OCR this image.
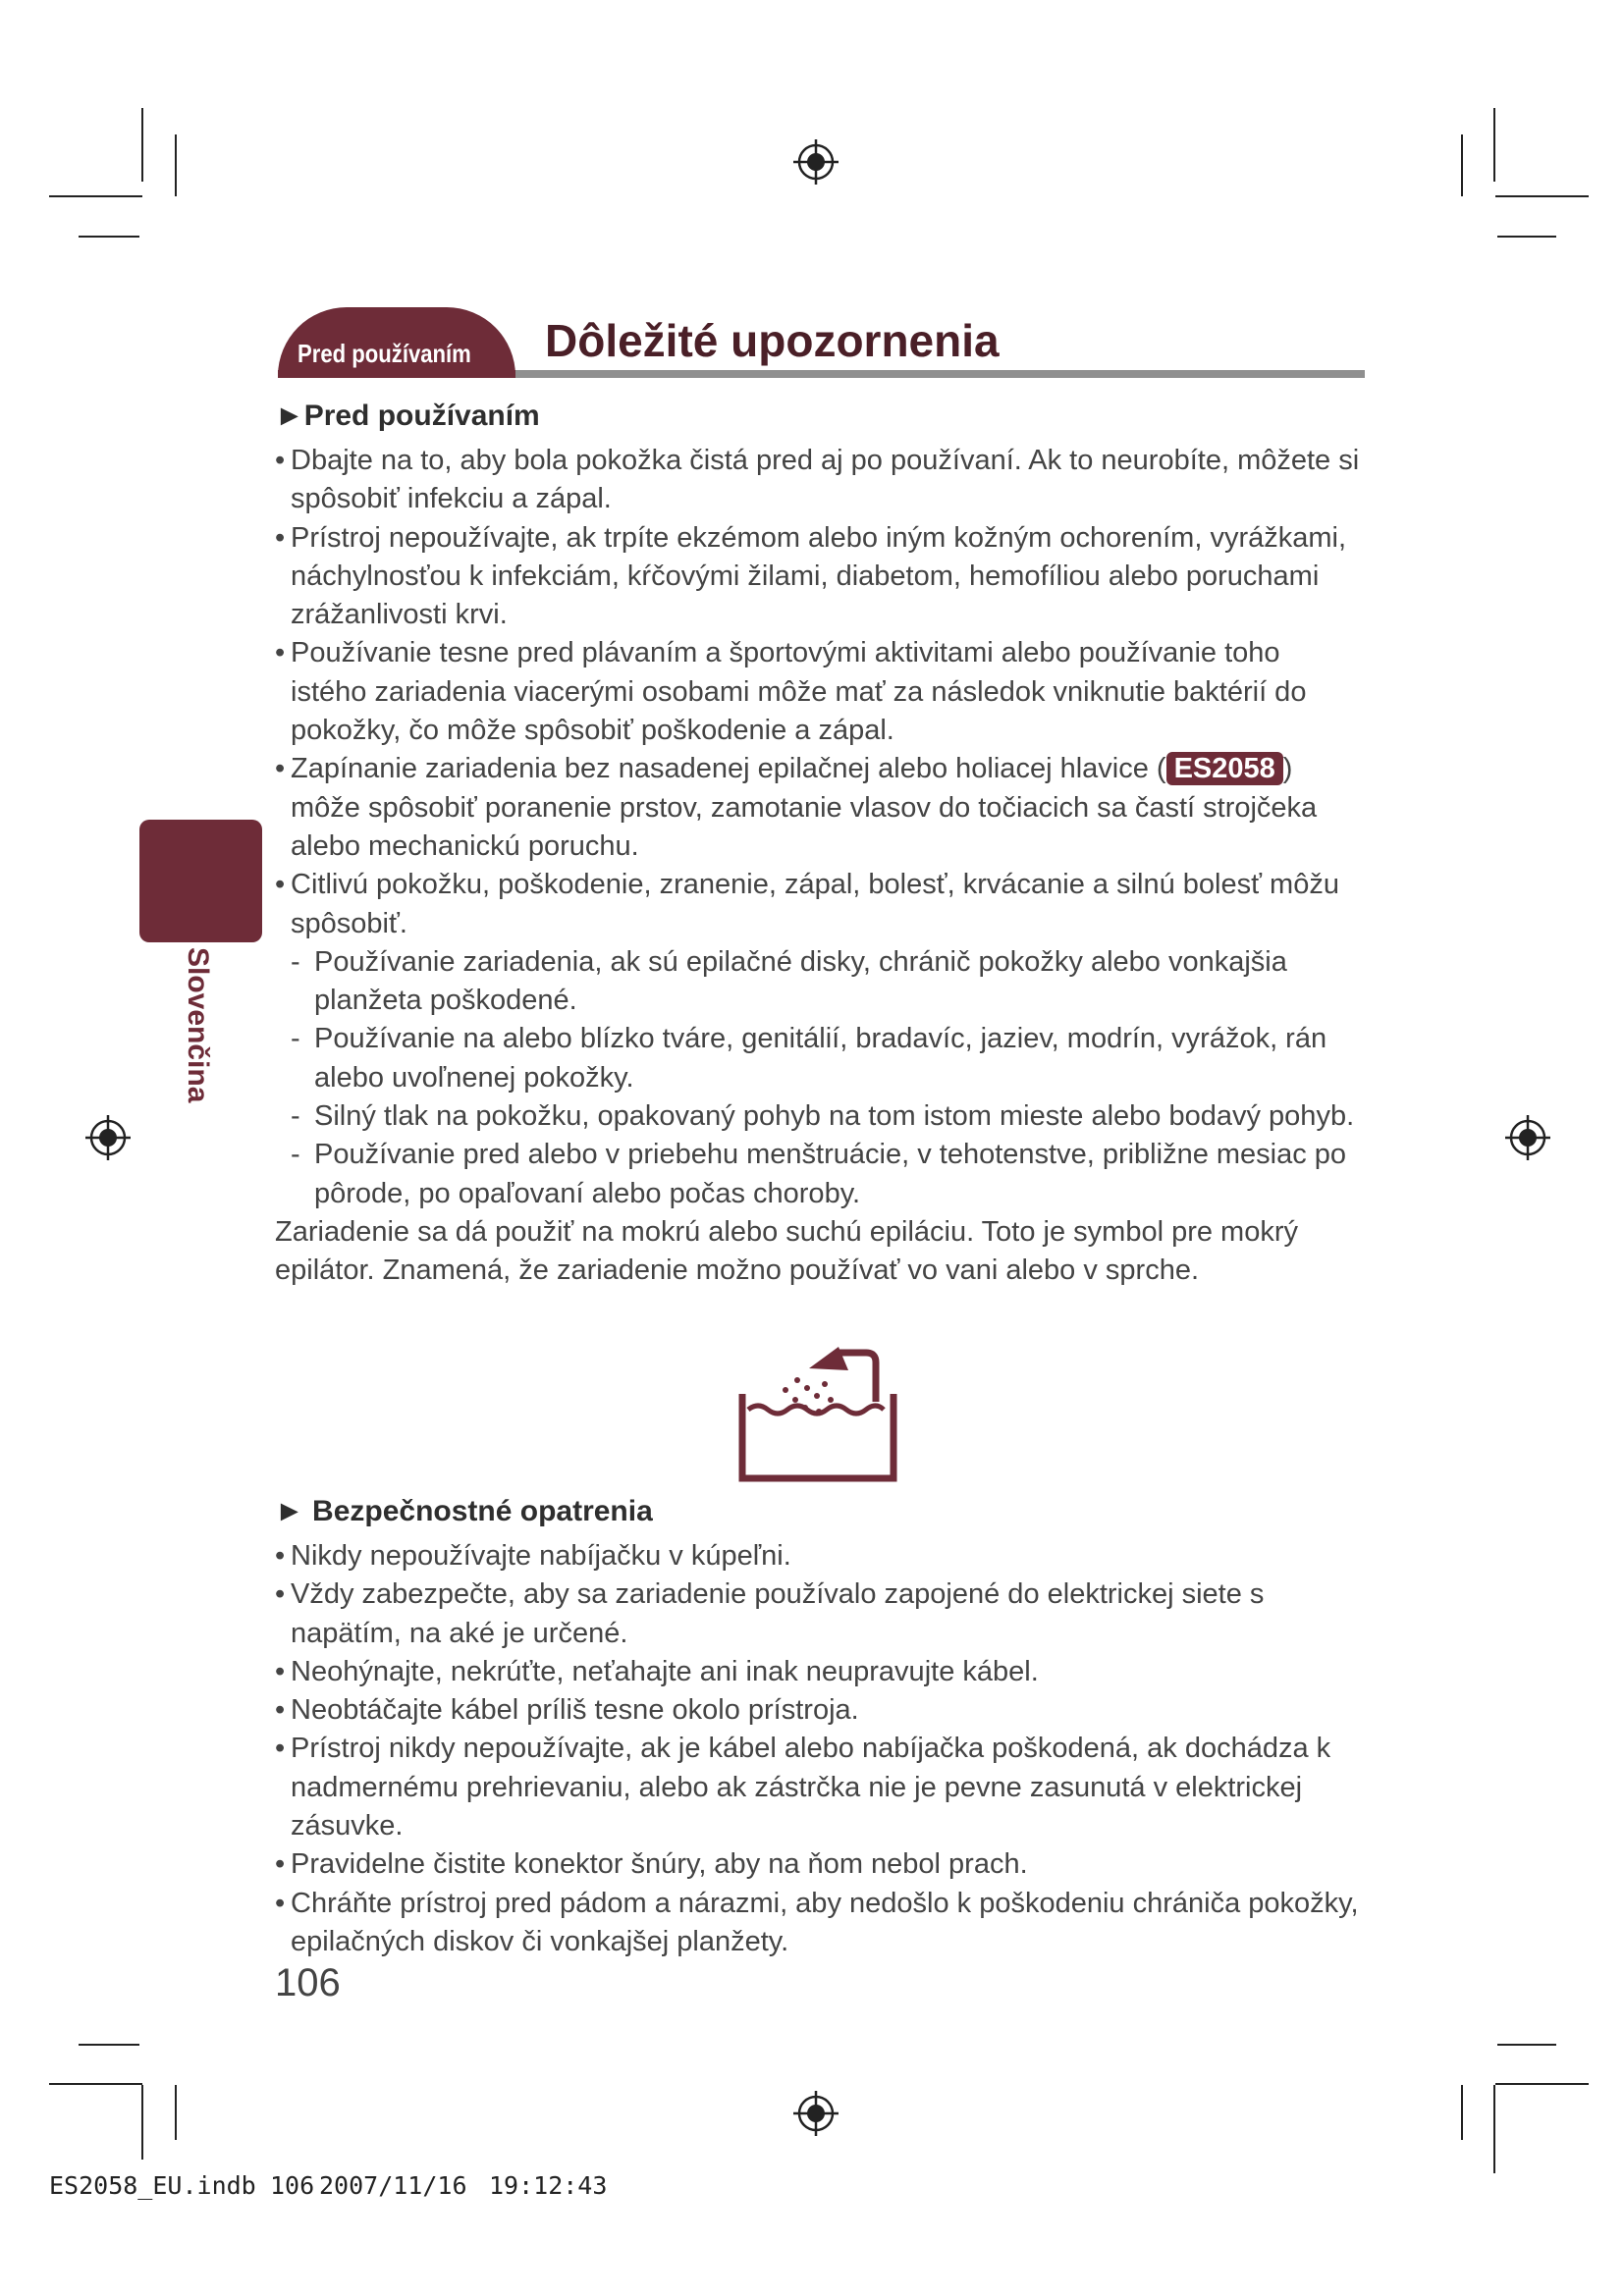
Pred používaním Dôležité upozornenia
Slovenčina
►Pred používaním
• Dbajte na to, aby bola pokožka čistá pred aj po používaní. Ak to neurobíte, môžete si spôsobiť infekciu a zápal.
• Prístroj nepoužívajte, ak trpíte ekzémom alebo iným kožným ochorením, vyrážkami, náchylnosťou k infekciám, kŕčovými žilami, diabetom, hemofíliou alebo poruchami zrážanlivosti krvi.
• Používanie tesne pred plávaním a športovými aktivitami alebo používanie toho istého zariadenia viacerými osobami môže mať za následok vniknutie baktérií do pokožky, čo môže spôsobiť poškodenie a zápal.
• Zapínanie zariadenia bez nasadenej epilačnej alebo holiacej hlavice ( ES2058 ) môže spôsobiť poranenie prstov, zamotanie vlasov do točiacich sa častí strojčeka alebo mechanickú poruchu.
• Citlivú pokožku, poškodenie, zranenie, zápal, bolesť, krvácanie a silnú bolesť môžu spôsobiť.
- Používanie zariadenia, ak sú epilačné disky, chránič pokožky alebo vonkajšia planžeta poškodené.
- Používanie na alebo blízko tváre, genitálií, bradavíc, jaziev, modrín, vyrážok, rán alebo uvoľnenej pokožky.
- Silný tlak na pokožku, opakovaný pohyb na tom istom mieste alebo bodavý pohyb.
- Používanie pred alebo v priebehu menštruácie, v tehotenstve, približne mesiac po pôrode, po opaľovaní alebo počas choroby.
Zariadenie sa dá použiť na mokrú alebo suchú epiláciu. Toto je symbol pre mokrý epilátor. Znamená, že zariadenie možno používať vo vani alebo v sprche.
► Bezpečnostné opatrenia
• Nikdy nepoužívajte nabíjačku v kúpeľni.
• Vždy zabezpečte, aby sa zariadenie používalo zapojené do elektrickej siete s napätím, na aké je určené.
• Neohýnajte, nekrúťte, neťahajte ani inak neupravujte kábel.
• Neobtáčajte kábel príliš tesne okolo prístroja.
• Prístroj nikdy nepoužívajte, ak je kábel alebo nabíjačka poškodená, ak dochádza k nadmernému prehrievaniu, alebo ak zástrčka nie je pevne zasunutá v elektrickej zásuvke.
• Pravidelne čistite konektor šnúry, aby na ňom nebol prach.
• Chráňte prístroj pred pádom a nárazmi, aby nedošlo k poškodeniu chrániča pokožky, epilačných diskov či vonkajšej planžety.
106
ES2058_EU.indb 106 2007/11/16 19:12:43
